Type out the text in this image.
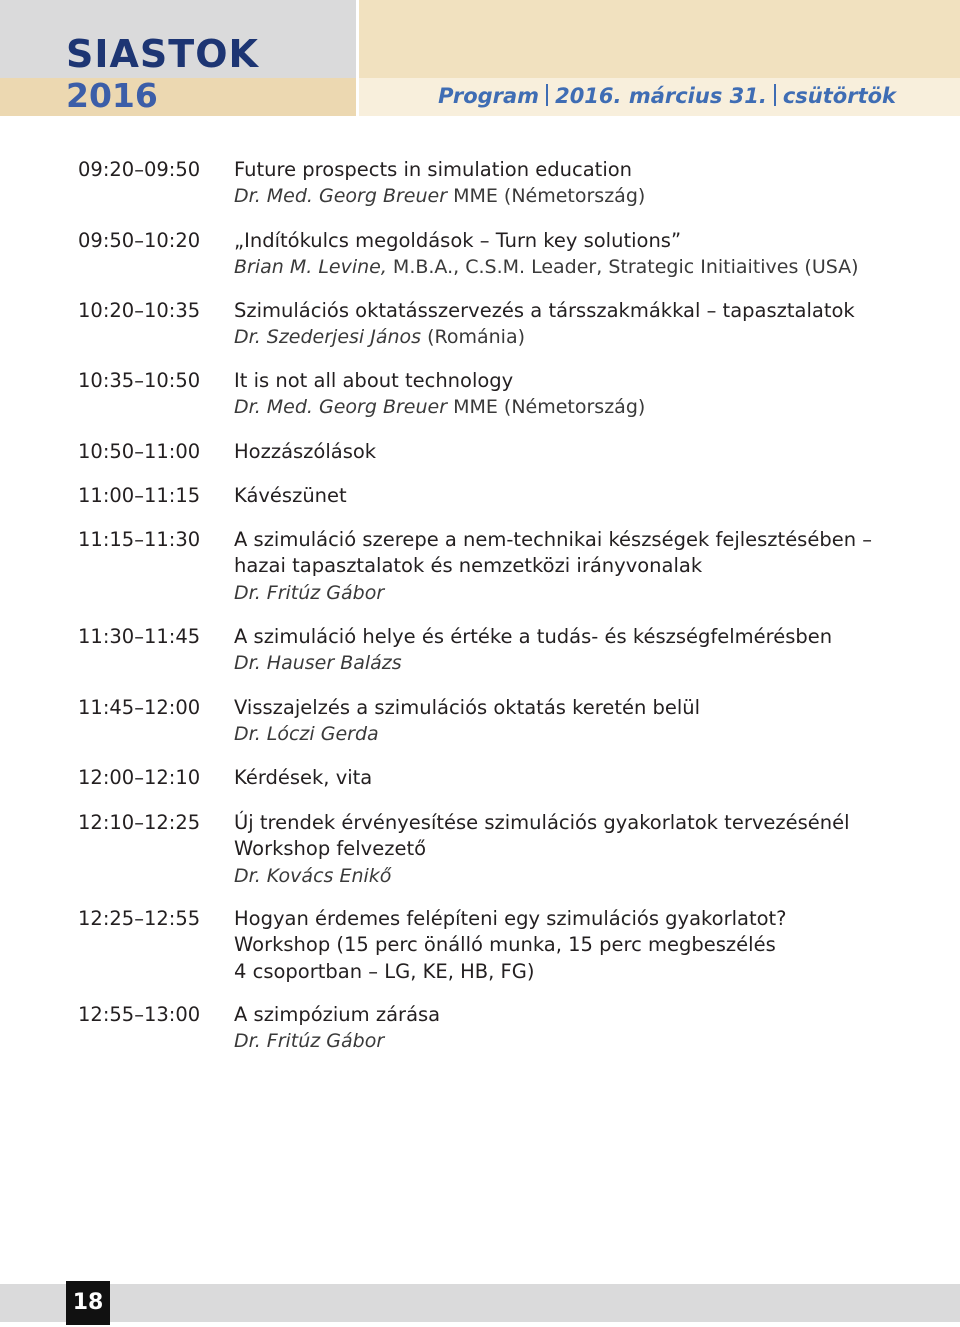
SIASTOK
2016	Program 2016. március 31. csütörtök
09:20–09:50 Future prospects in simulation education
Dr. Med. Georg Breuer MME (Németország)
09:50–10:20 „Indítókulcs megoldások – Turn key solutions”
Brian M. Levine, M.B.A., C.S.M. Leader, Strategic Initiaitives (USA)
10:20–10:35 Szimulációs oktatásszervezés a társszakmákkal – tapasztalatok
Dr. Szederjesi János (Románia)
10:35–10:50 It is not all about technology
Dr. Med. Georg Breuer MME (Németország)
10:50–11:00 Hozzászólások
11:00–11:15 Kávészünet
11:15–11:30 A szimuláció szerepe a nem-technikai készségek fejlesztésében –
hazai tapasztalatok és nemzetközi irányvonalak
Dr. Fritúz Gábor
11:30–11:45 A szimuláció helye és értéke a tudás- és készségfelmérésben
Dr. Hauser Balázs
11:45–12:00 Visszajelzés a szimulációs oktatás keretén belül
Dr. Lóczi Gerda
12:00–12:10 Kérdések, vita
12:10–12:25 Új trendek érvényesítése szimulációs gyakorlatok tervezésénél
Workshop felvezető
Dr. Kovács Enikő
12:25–12:55 Hogyan érdemes felépíteni egy szimulációs gyakorlatot?
Workshop (15 perc önálló munka, 15 perc megbeszélés
4 csoportban – LG, KE, HB, FG)
12:55–13:00 A szimpózium zárása
Dr. Fritúz Gábor
18
